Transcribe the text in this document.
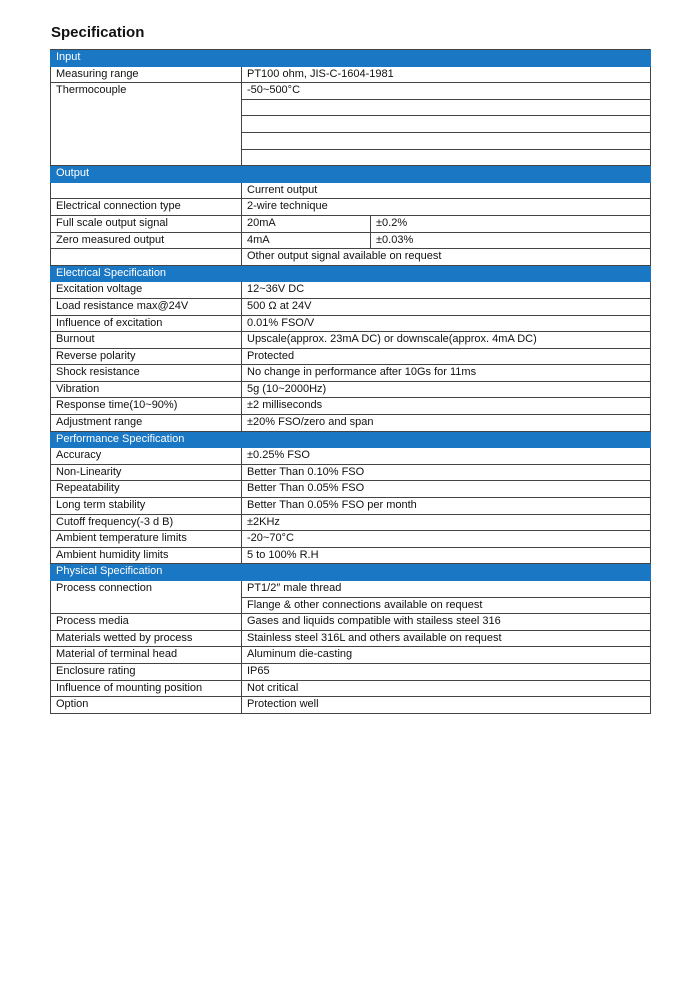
Specification
Input		
Measuring range	PT100 ohm, JIS-C-1604-1981	
Thermocouple	-50~500°C	

Output		
	Current output	
Electrical connection type	2-wire technique	
Full scale output signal	20mA	±0.2%
Zero measured output	4mA	±0.03%
	Other output signal available on request	
Electrical Specification		
Excitation voltage	12~36V DC	
Load resistance max@24V	500 Ω at 24V	
Influence of excitation	0.01% FSO/V	
Burnout	Upscale(approx. 23mA DC) or downscale(approx. 4mA DC)	
Reverse polarity	Protected	
Shock resistance	No change in performance after 10Gs for 11ms	
Vibration	5g (10~2000Hz)	
Response time(10~90%)	±2 milliseconds	
Adjustment range	±20% FSO/zero and span	
Performance Specification		
Accuracy	±0.25% FSO	
Non-Linearity	Better Than 0.10% FSO	
Repeatability	Better Than 0.05% FSO	
Long term stability	Better Than 0.05% FSO per month	
Cutoff frequency(-3 d B)	±2KHz	
Ambient temperature limits	-20~70°C	
Ambient humidity limits	5 to 100% R.H	
Physical Specification		
Process connection	PT1/2″ male thread	
	Flange & other connections available on request	
Process media	Gases and liquids compatible with stailess steel 316	
Materials wetted by process	Stainless steel 316L and others available on request	
Material of terminal head	Aluminum die-casting	
Enclosure rating	IP65	
Influence of mounting position	Not critical	
Option	Protection well	
